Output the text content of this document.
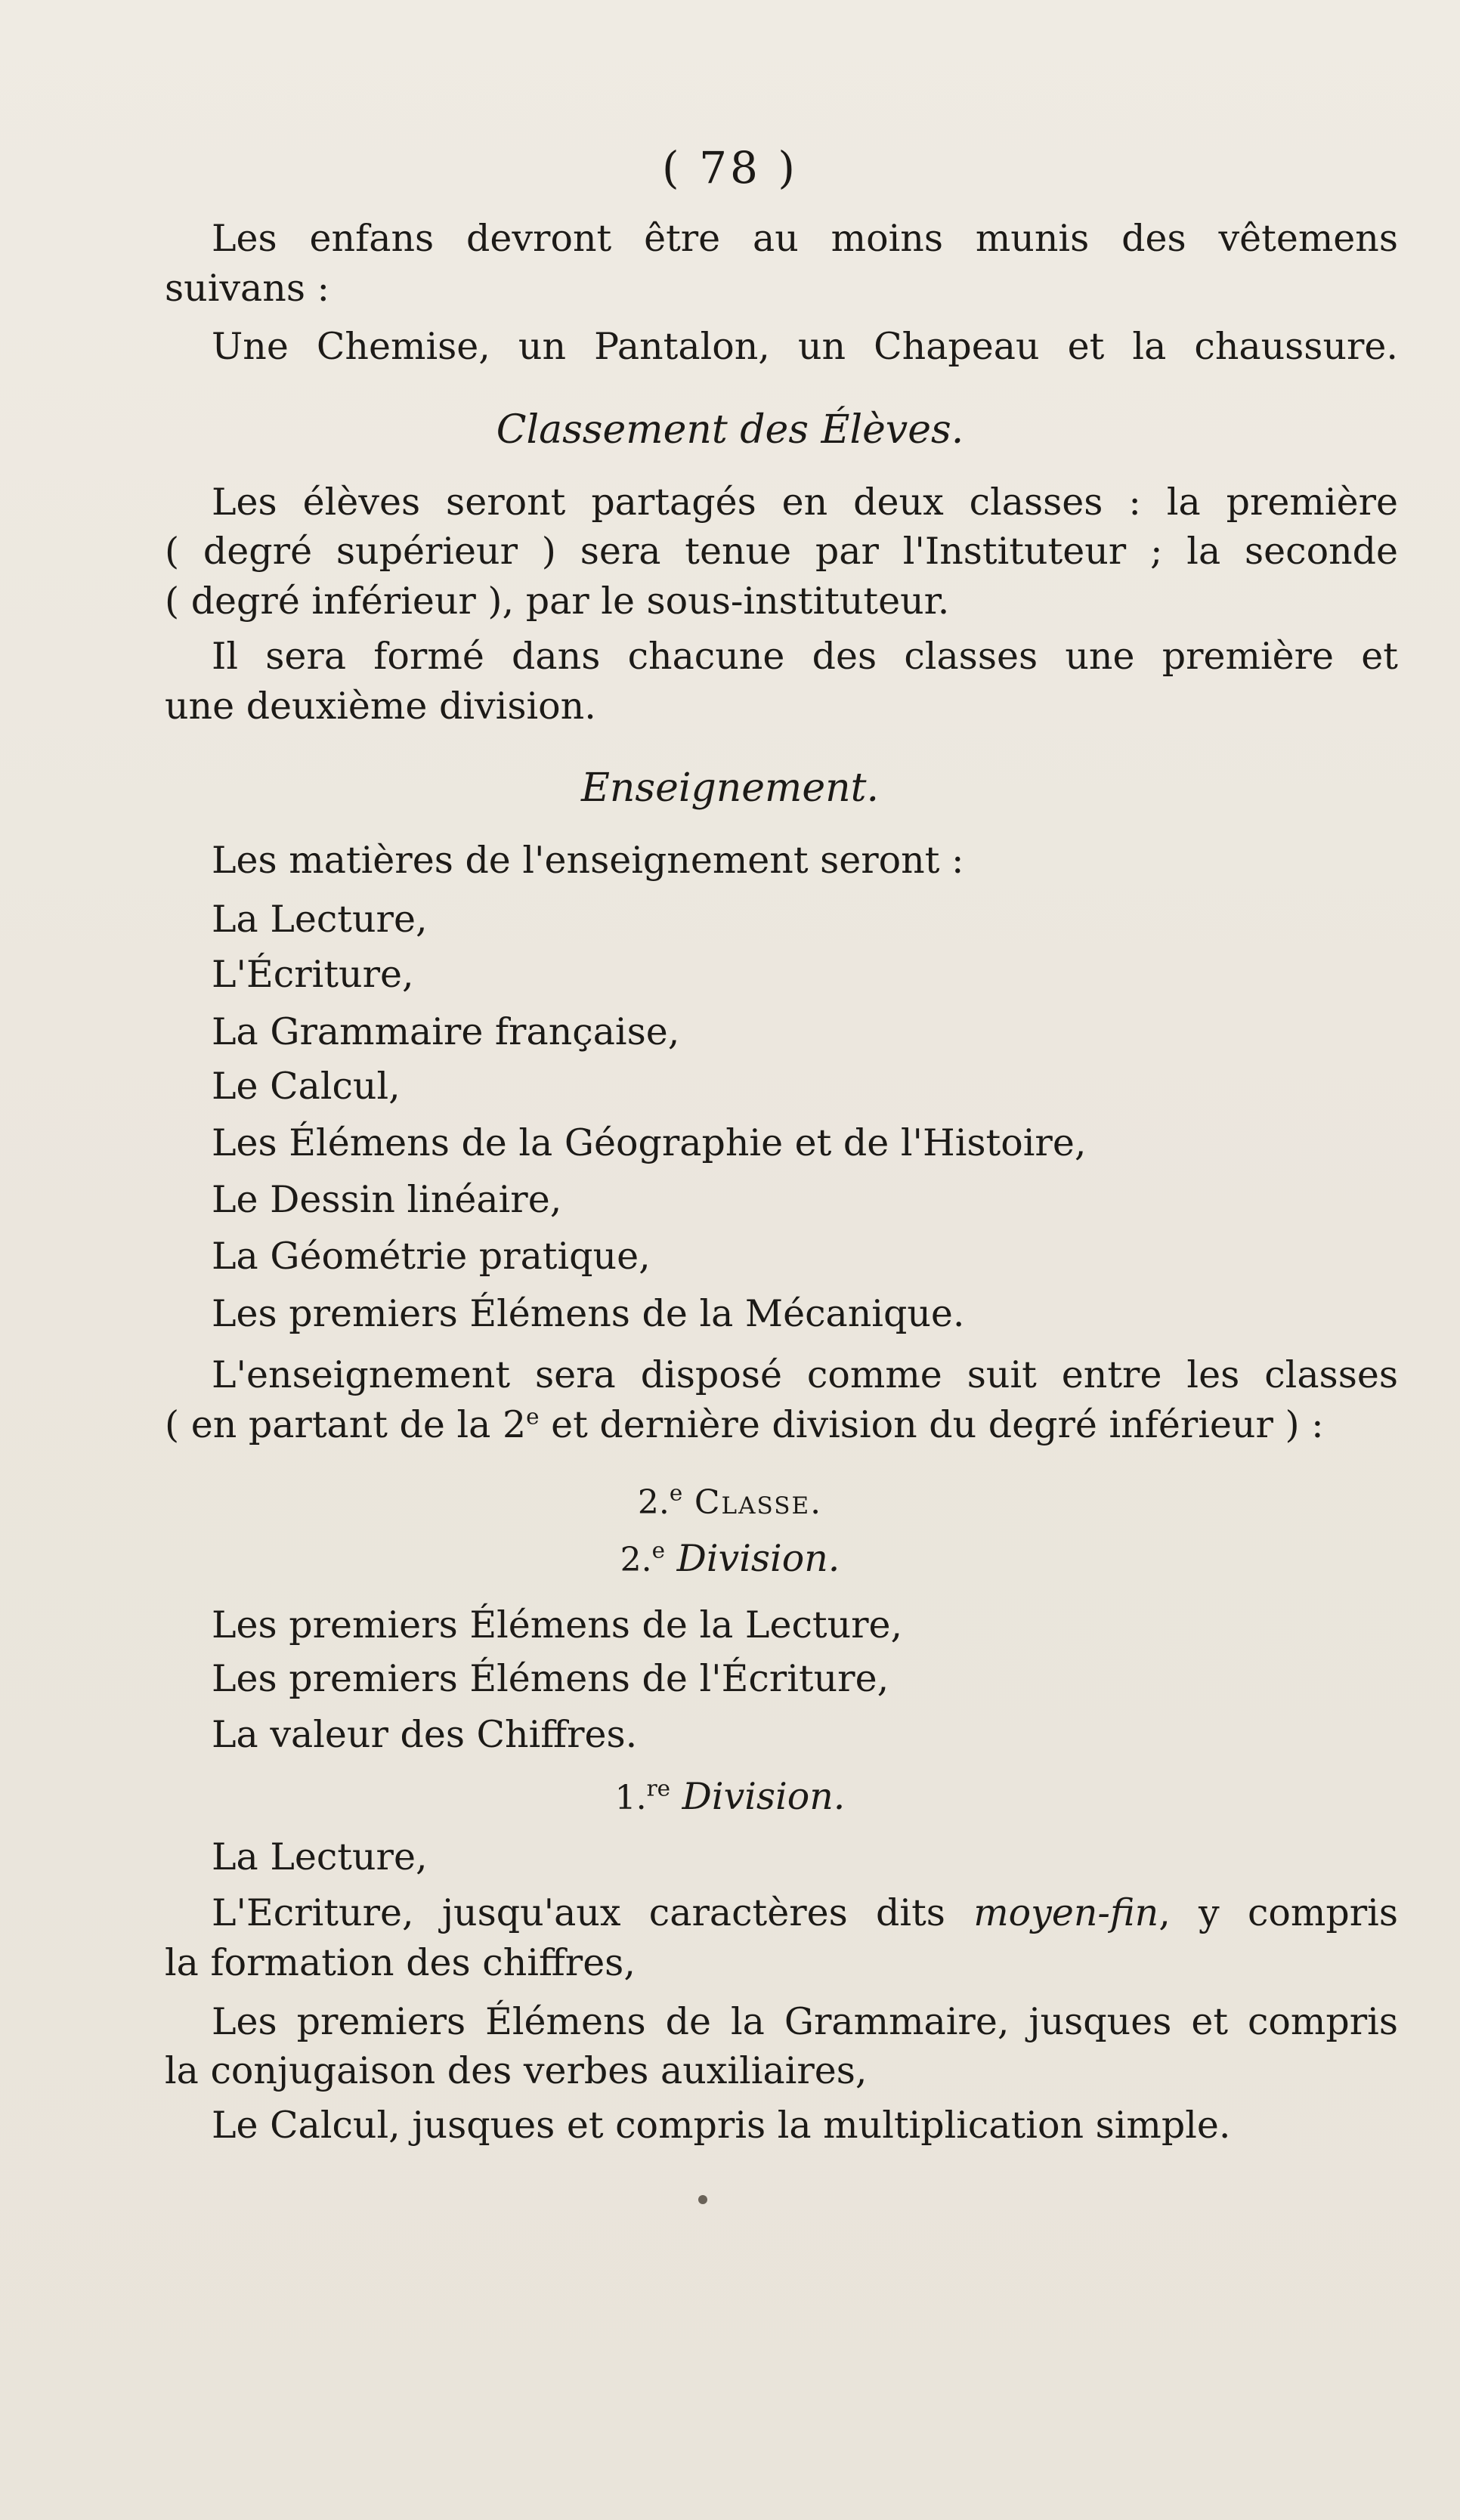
( 78 )
Les enfans devront être au moins munis des vêtemens
suivans :
Une Chemise, un Pantalon, un Chapeau et la chaussure.
Classement des Élèves.
Les élèves seront partagés en deux classes : la première
( degré supérieur ) sera tenue par l'Instituteur ; la seconde
( degré inférieur ), par le sous-instituteur.
Il sera formé dans chacune des classes une première et
une deuxième division.
Enseignement.
Les matières de l'enseignement seront :
La Lecture,
L'Écriture,
La Grammaire française,
Le Calcul,
Les Élémens de la Géographie et de l'Histoire,
Le Dessin linéaire,
La Géométrie pratique,
Les premiers Élémens de la Mécanique.
L'enseignement sera disposé comme suit entre les classes
( en partant de la 2e et dernière division du degré inférieur ) :
2.$^e$ Classe.
2.$^e$ Division.
Les premiers Élémens de la Lecture,
Les premiers Élémens de l'Écriture,
La valeur des Chiffres.
1.$^{re}$ Division.
La Lecture,
L'Ecriture, jusqu'aux caractères dits moyen-fin, y compris
la formation des chiffres,
Les premiers Élémens de la Grammaire, jusques et compris
la conjugaison des verbes auxiliaires,
Le Calcul, jusques et compris la multiplication simple.
